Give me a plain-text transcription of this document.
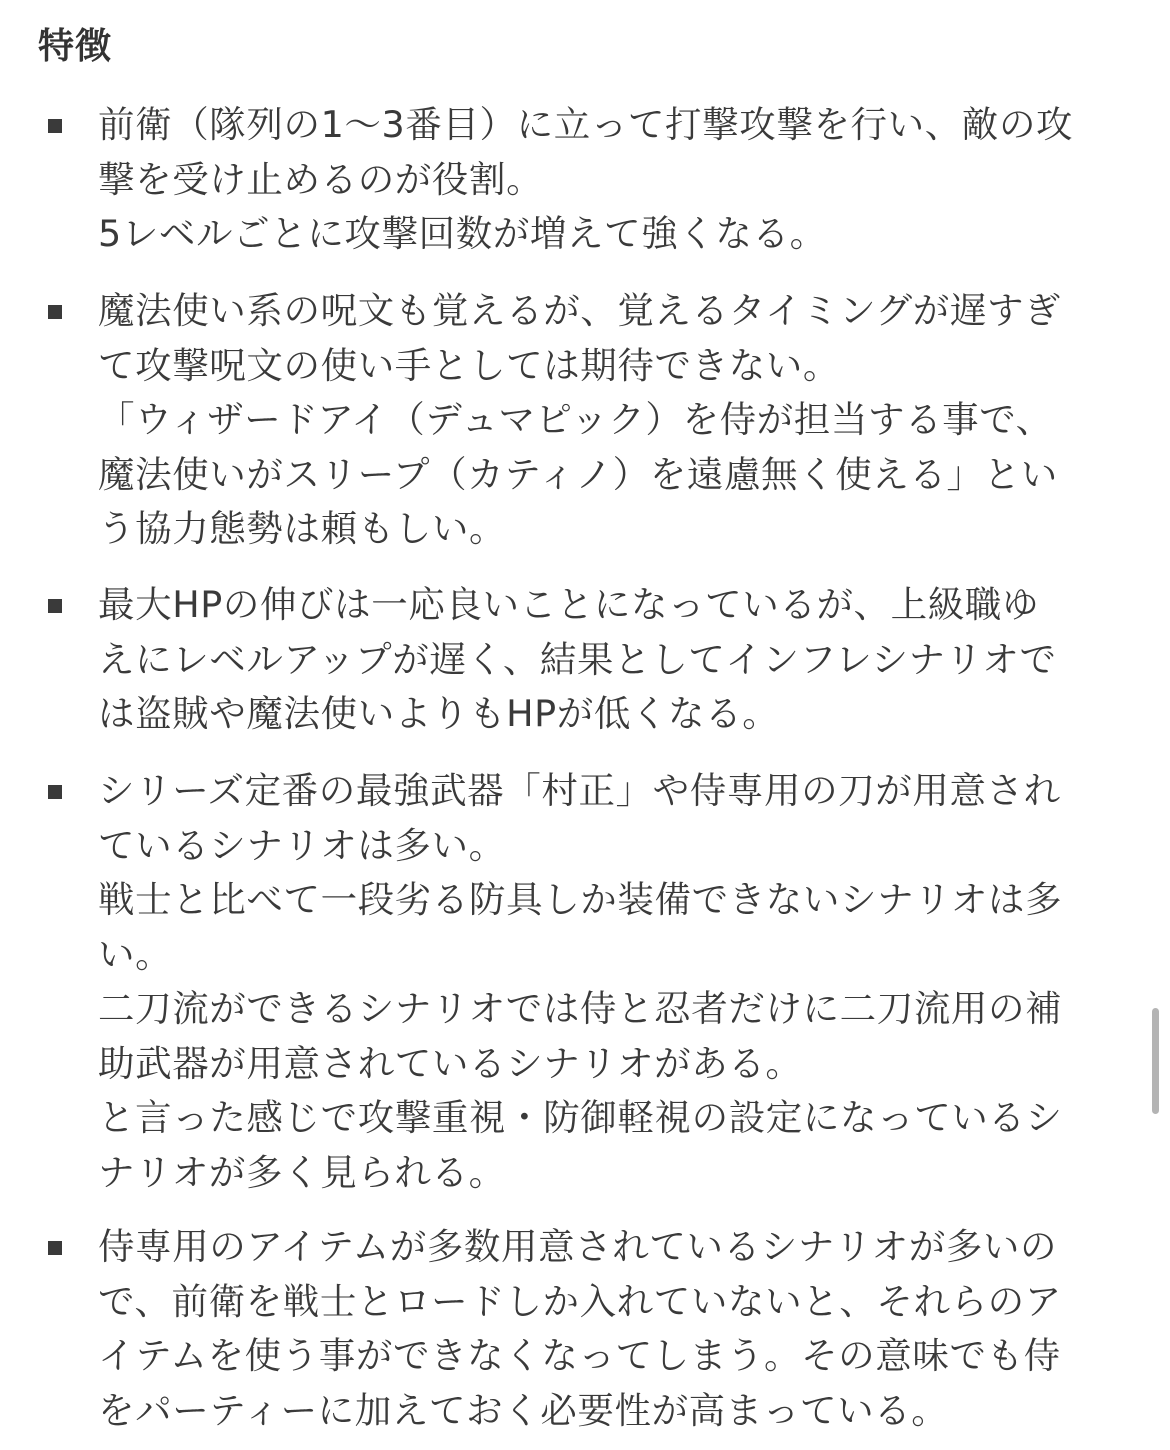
特徴
前衛（隊列の1〜3番目）に立って打撃攻撃を行い、敵の攻
撃を受け止めるのが役割。
5レベルごとに攻撃回数が増えて強くなる。
魔法使い系の呪文も覚えるが、覚えるタイミングが遅すぎ
て攻撃呪文の使い手としては期待できない。
「ウィザードアイ（デュマピック）を侍が担当する事で、
魔法使いがスリープ（カティノ）を遠慮無く使える」とい
う協力態勢は頼もしい。
最大HPの伸びは一応良いことになっているが、上級職ゆ
えにレベルアップが遅く、結果としてインフレシナリオで
は盗賊や魔法使いよりもHPが低くなる。
シリーズ定番の最強武器「村正」や侍専用の刀が用意され
ているシナリオは多い。
戦士と比べて一段劣る防具しか装備できないシナリオは多
い。
二刀流ができるシナリオでは侍と忍者だけに二刀流用の補
助武器が用意されているシナリオがある。
と言った感じで攻撃重視・防御軽視の設定になっているシ
ナリオが多く見られる。
侍専用のアイテムが多数用意されているシナリオが多いの
で、前衛を戦士とロードしか入れていないと、それらのア
イテムを使う事ができなくなってしまう。その意味でも侍
をパーティーに加えておく必要性が高まっている。
